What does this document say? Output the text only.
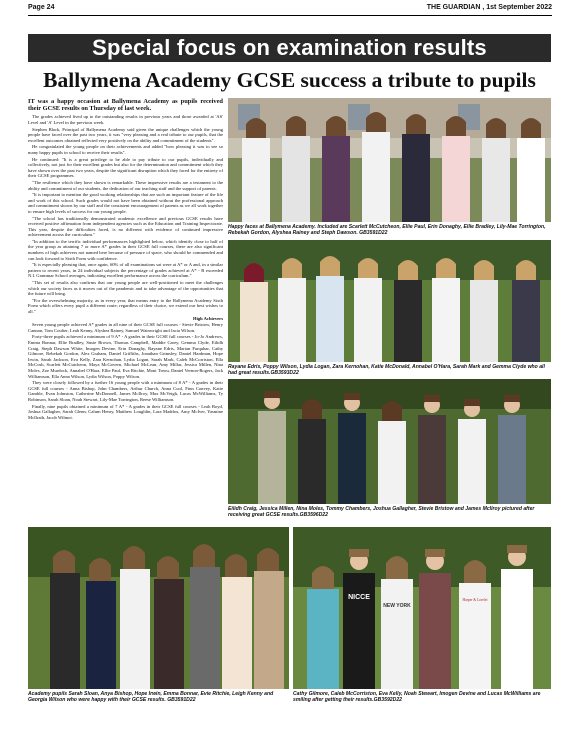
Page 24	THE GUARDIAN , 1st September 2022
Special focus on examination results
Ballymena Academy GCSE success a tribute to pupils

IT was a happy occasion at Ballymena Academy as pupils received their GCSE results on Thursday of last week.

The grades achieved lived up to the outstanding results in previous years and those awarded at 'AS' Level and 'A' Level in the previous week.

Stephen Black, Principal of Ballymena Academy said given the unique challenges which the young people have faced over the past two years, it was "very pleasing and a real tribute to our pupils, that the excellent outcomes obtained reflected very positively on the ability and commitment of the students".

He congratulated the young people on their achievements and added "how pleasing it was to see so many happy pupils in school to receive their results".

He continued: "It is a great privilege to be able to pay tribute to our pupils, individually and collectively, not just for their excellent grades but also for the determination and commitment which they have shown over the past two years, despite the significant disruption which they faced for the entirety of their GCSE programmes.

"The resilience which they have shown is remarkable. These impressive results are a testament to the ability and commitment of our students, the dedication of our teaching staff and the support of parents.

"It is important to mention the good working relationships that are such an important feature of the life and work of this school. Such grades would not have been obtained without the professional approach and commitment shown by our staff and the consistent encouragement of parents as we all work together to ensure high levels of success for our young people.

"The school has traditionally demonstrated academic excellence and previous GCSE results have received positive affirmation from independent agencies such as the Education and Training Inspectorate. This year, despite the difficulties faced, is no different with evidence of continued impressive achievement across the curriculum."

"In addition to the terrific individual performances highlighted below, which identify close to half of the year group as attaining 7 or more A* grades in their GCSE full courses, there are also significant numbers of high achievers not named here because of pressure of space, who should be commended and can look forward to Sixth Form with confidence.

"It is especially pleasing that, once again, 60% of all examinations sat were at A* or A and, in a similar pattern to recent years, in 24 individual subjects the percentage of grades achieved at A* - B exceeded N.I. Grammar School averages, indicating excellent performance across the curriculum."

"This set of results also confirms that our young people are well-positioned to meet the challenges which our society faces as it moves out of the pandemic and to take advantage of the opportunities that the future will bring.

"For the overwhelming majority, as in every year, that means entry to the Ballymena Academy Sixth Form which offers every pupil a different route; regardless of their choice, we extend our best wishes to all."

High Achievers

Seven young people achieved A* grades in all nine of their GCSE full courses - Stevie Bristow, Henry Cannon, Tom Coulter, Leah Kenny, Alyshea Rainey, Samuel Wainwright and Jacia Wilson.

Forty-three pupils achieved a minimum of 9 A* - A grades in their GCSE full courses - Jo-Jo Andrews, Emma Bonnar, Ellie Bradley, Susie Brown, Thomas Campbell, Maddie Carey, Gemma Clyde, Eilidh Craig, Steph Dawson White, Imogen Devine, Erin Donaghy, Rayane Edris, Marian Farquhar, Cathy Gilmore, Rebekah Gordon, Alex Graham, Daniel Griffiths, Jonathan Grimsley, Daniel Hardman, Hope Irwin, Sarah Jackson, Eva Kelly, Zara Kernohan, Lydia Logan, Sarah Mark, Caleb McCorriston, Ella McCosh, Scarlett McCutcheon, Maya McGovern, Michael McLean, Amy Millar, Jessica Millen, Nina Moles, Zoe Murdock, Annabel O'Hara, Ellie Paul, Eva Ritchie, Moni Treou, Daniel Vernon-Rogers, Jack Williamson, Ella Anna Wilson, Lydia Wilson, Poppy Wilson.

They were closely followed by a further 16 young people with a minimum of 8 A* - A grades in their GCSE full courses - Anna Bishop, John Chambers, Arthur Church, Anna Cool, Finn Convey, Katie Gamble, Evan Johnston, Catherine McDonnell, James McIlroy, Max McVeigh, Lucas McWilliams, Ty Robinson, Sarah Sloan, Noah Stewart, Lily-Mae Torrington, Reese Williamson.

Finally, nine pupils obtained a minimum of 7 A* - A grades in their GCSE full courses - Leah Boyd, Joshua Gallagher, Sarah Glenn, Calum Henry, Matthew Loughlin, Lara Maddox, Amy McIver, Yasmine McIlrath, Jacob Wilmot.

Happy faces at Ballymena Academy. Included are Scarlett McCutcheon, Ellie Paul, Erin Donaghy, Ellie Bradley, Lily-Mae Torrington, Rebekah Gordon, Alyshea Rainey and Steph Dawson. GB3591D22
Rayane Edris, Poppy Wilson, Lydia Logan, Zara Kernohan, Katie McDonald, Annabel O'Hara, Sarah Mark and Gemma Clyde who all had great results.GB3593D22
Eilidh Craig, Jessica Millen, Nina Moles, Tommy Chambers, Joshua Gallagher, Stevie Bristow and James McIlroy pictured after receiving great GCSE results.GB3596D22
Academy pupils Sarah Sloan, Anya Bishop, Hope Irwin, Emma Bonnar, Evie Ritchie, Leigh Kenny and Georgia Wilson who were happy with their GCSE results. GB3591D22
NICCE
NEW YORK
Harper & Lorelei
Cathy Gilmore, Caleb McCorriston, Eva Kelly, Noah Stewart, Imogen Devine and Lucas McWilliams are smiling after getting their results.GB3592D22
